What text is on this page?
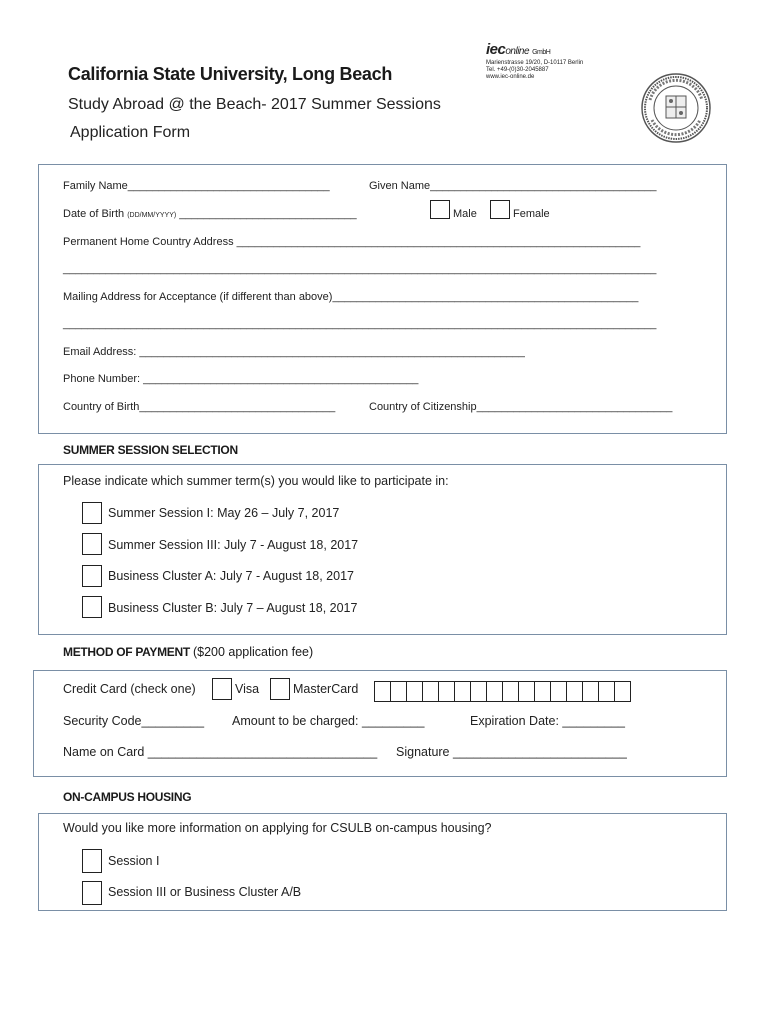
California State University, Long Beach
Study Abroad @ the Beach- 2017 Summer Sessions
Application Form
ieconline GmbH
Marienstrasse 19/20, D-10117 Berlin
Tel. +49-(0)30-2045887
www.iec-online.de
Family Name_________________________________	Given Name_____________________________________
Date of Birth (DD/MM/YYYY) _____________________________	Male	Female
Permanent Home Country Address __________________________________________________________________
_________________________________________________________________________________________________
Mailing Address for Acceptance (if different than above)__________________________________________________
_________________________________________________________________________________________________
Email Address: _______________________________________________________________
Phone Number: _____________________________________________
Country of Birth________________________________	Country of Citizenship________________________________
SUMMER SESSION SELECTION
Please indicate which summer term(s) you would like to participate in:
Summer Session I: May 26 – July 7, 2017
Summer Session III: July 7 - August 18, 2017
Business Cluster A: July 7 - August 18, 2017
Business Cluster B: July 7 – August 18, 2017
METHOD OF PAYMENT ($200 application fee)
Credit Card (check one)	Visa	MasterCard
Security Code_________ Amount to be charged: _________	Expiration Date: _________
Name on Card _________________________________ Signature _________________________
ON-CAMPUS HOUSING
Would you like more information on applying for CSULB on-campus housing?
Session I
Session III or Business Cluster A/B
